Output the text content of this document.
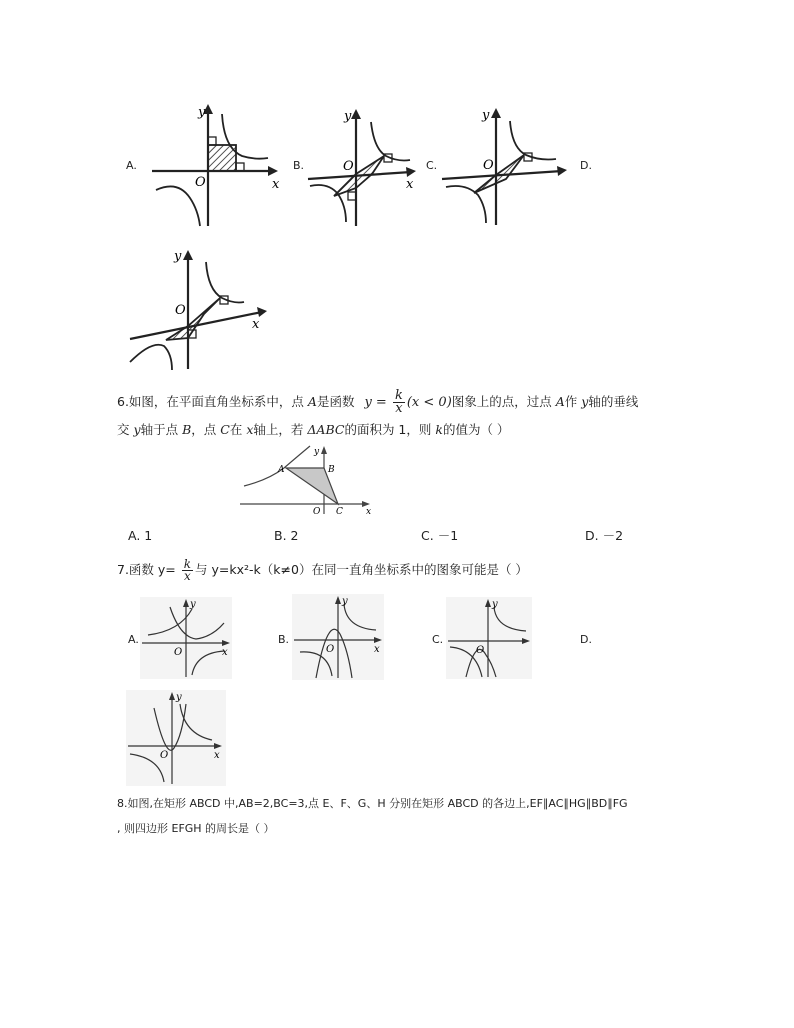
A.	B.	C.	D.
y
O	x
y
O
x
y
O
y
O
x
6.如图，在平面直角坐标系中，点 A是函数 $y = \frac{k}{x} (x < 0)$图象上的点，过点 A作 y轴的垂线
交 y轴于点 B，点 C在 x轴上，若 ΔABC的面积为 1，则 k的值为（ ）
A	B
C
O	x
y
A. 1	B. 2	C. －1	D. －2
7.函数 $y= \frac{k}{x}$ 与 y=kx²-k（k≠0）在同一直角坐标系中的图象可能是（ ）
A.	B.	C.	D.
y
O	x
y
O	x
y
O
y
O	x
8.如图,在矩形 ABCD 中,AB=2,BC=3,点 E、F、G、H 分别在矩形 ABCD 的各边上,EF∥AC∥HG∥BD∥FG
, 则四边形 EFGH 的周长是（ ）
